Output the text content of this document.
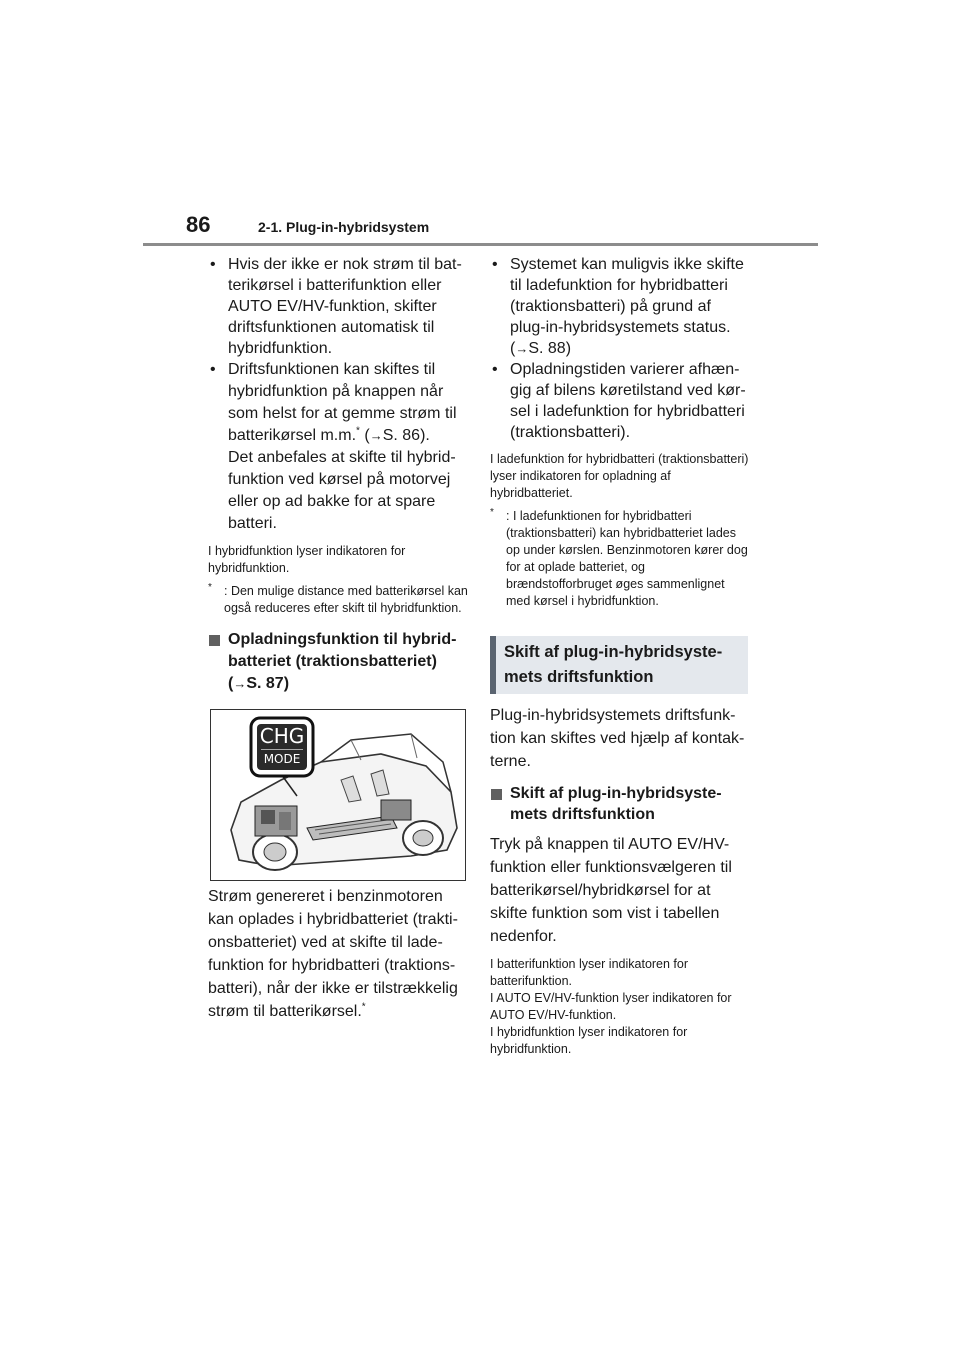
86	2-1. Plug-in-hybridsystem

• Hvis der ikke er nok strøm til batterikørsel i batterifunktion eller AUTO EV/HV-funktion, skifter driftsfunktionen automatisk til hybridfunktion.

• Driftsfunktionen kan skiftes til hybridfunktion på knappen når som helst for at gemme strøm til batterikørsel m.m.* (→S. 86).
Det anbefales at skifte til hybridfunktion ved kørsel på motorvej eller op ad bakke for at spare batteri.

I hybridfunktion lyser indikatoren for hybridfunktion.

* : Den mulige distance med batterikørsel kan også reduceres efter skift til hybridfunktion.

Opladningsfunktion til hybridbatteriet (traktionsbatteriet)
(→S. 87)

CHG
MODE

Strøm genereret i benzinmotoren kan oplades i hybridbatteriet (traktionsbatteriet) ved at skifte til ladefunktion for hybridbatteri (traktionsbatteri), når der ikke er tilstrækkelig strøm til batterikørsel.*

• Systemet kan muligvis ikke skifte til ladefunktion for hybridbatteri (traktionsbatteri) på grund af plug-in-hybridsystemets status.
(→S. 88)

• Opladningstiden varierer afhængig af bilens køretilstand ved kørsel i ladefunktion for hybridbatteri (traktionsbatteri).

I ladefunktion for hybridbatteri (traktionsbatteri) lyser indikatoren for opladning af hybridbatteriet.

* : I ladefunktionen for hybridbatteri (traktionsbatteri) kan hybridbatteriet lades op under kørslen. Benzinmotoren kører dog for at oplade batteriet, og brændstofforbruget øges sammenlignet med kørsel i hybridfunktion.

Skift af plug-in-hybridsystemets driftsfunktion

Plug-in-hybridsystemets driftsfunktion kan skiftes ved hjælp af kontakterne.

Skift af plug-in-hybridsystemets driftsfunktion

Tryk på knappen til AUTO EV/HV-funktion eller funktionsvælgeren til batterikørsel/hybridkørsel for at skifte funktion som vist i tabellen nedenfor.

I batterifunktion lyser indikatoren for batterifunktion.
I AUTO EV/HV-funktion lyser indikatoren for AUTO EV/HV-funktion.
I hybridfunktion lyser indikatoren for hybridfunktion.
